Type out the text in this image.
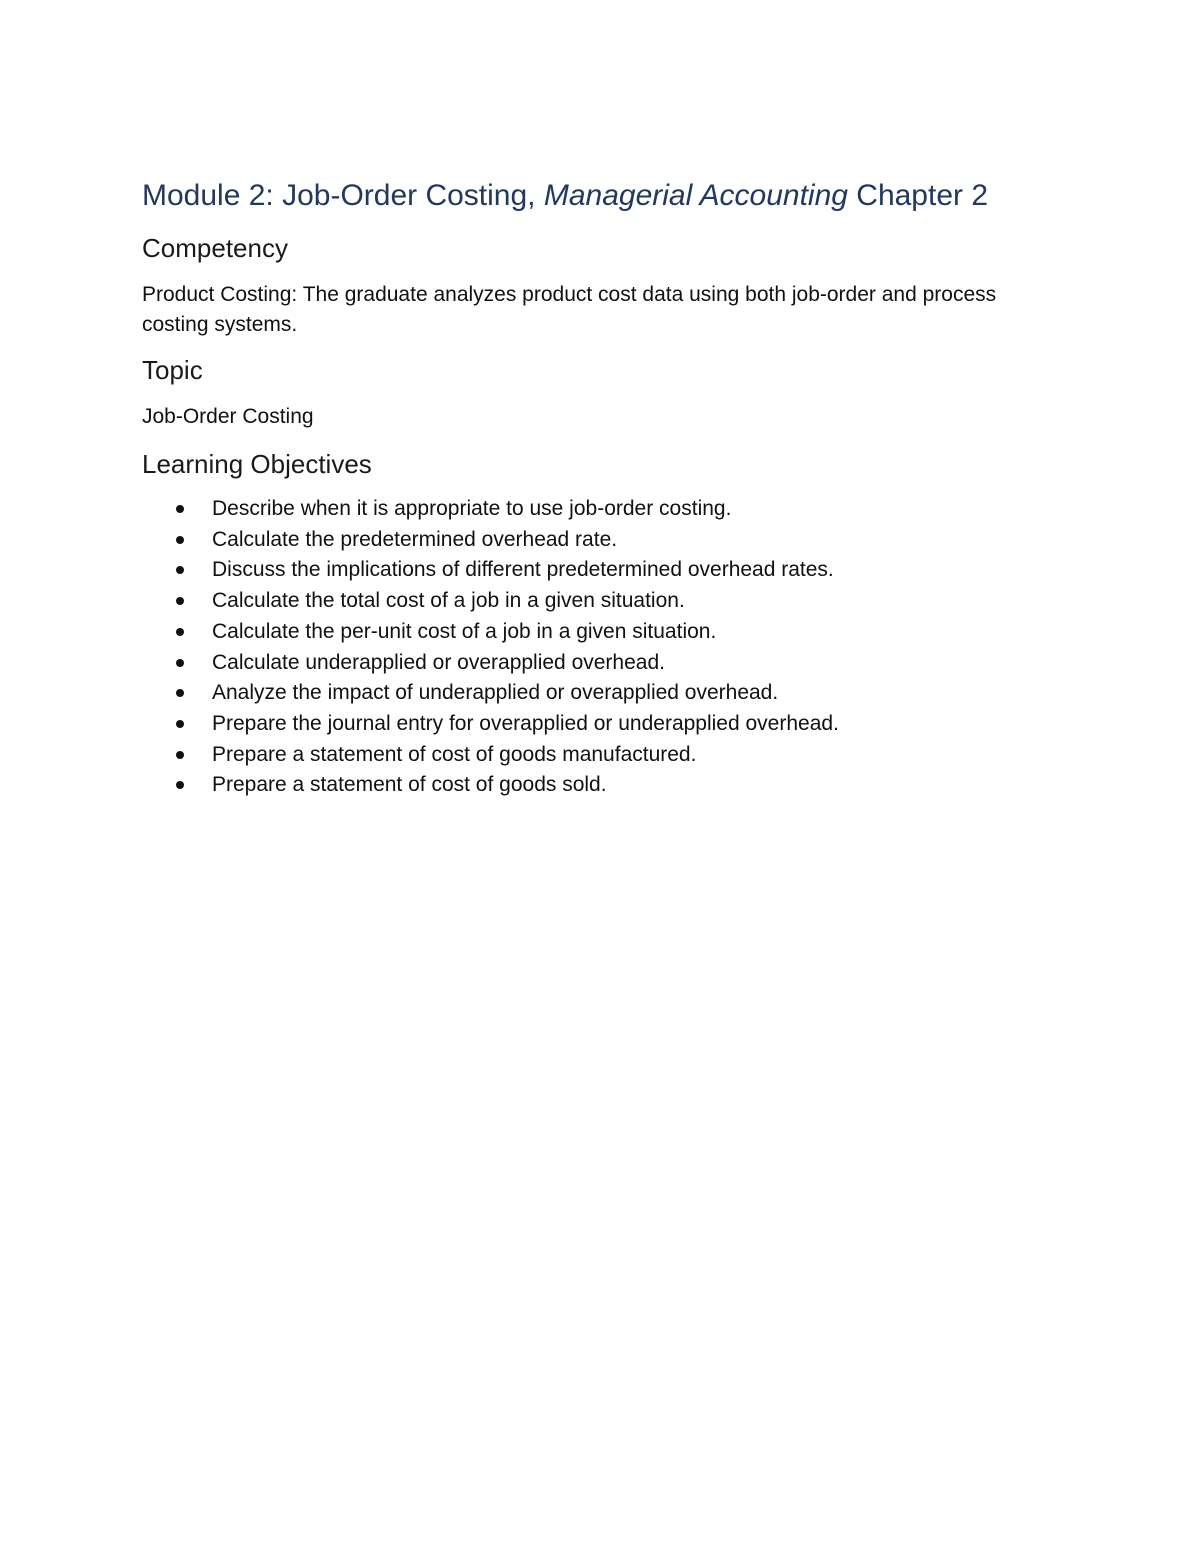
Module 2: Job-Order Costing, Managerial Accounting Chapter 2
Competency

Product Costing: The graduate analyzes product cost data using both job-order and process costing systems.

Topic

Job-Order Costing

Learning Objectives
Describe when it is appropriate to use job-order costing.
Calculate the predetermined overhead rate.
Discuss the implications of different predetermined overhead rates.
Calculate the total cost of a job in a given situation.
Calculate the per-unit cost of a job in a given situation.
Calculate underapplied or overapplied overhead.
Analyze the impact of underapplied or overapplied overhead.
Prepare the journal entry for overapplied or underapplied overhead.
Prepare a statement of cost of goods manufactured.
Prepare a statement of cost of goods sold.
